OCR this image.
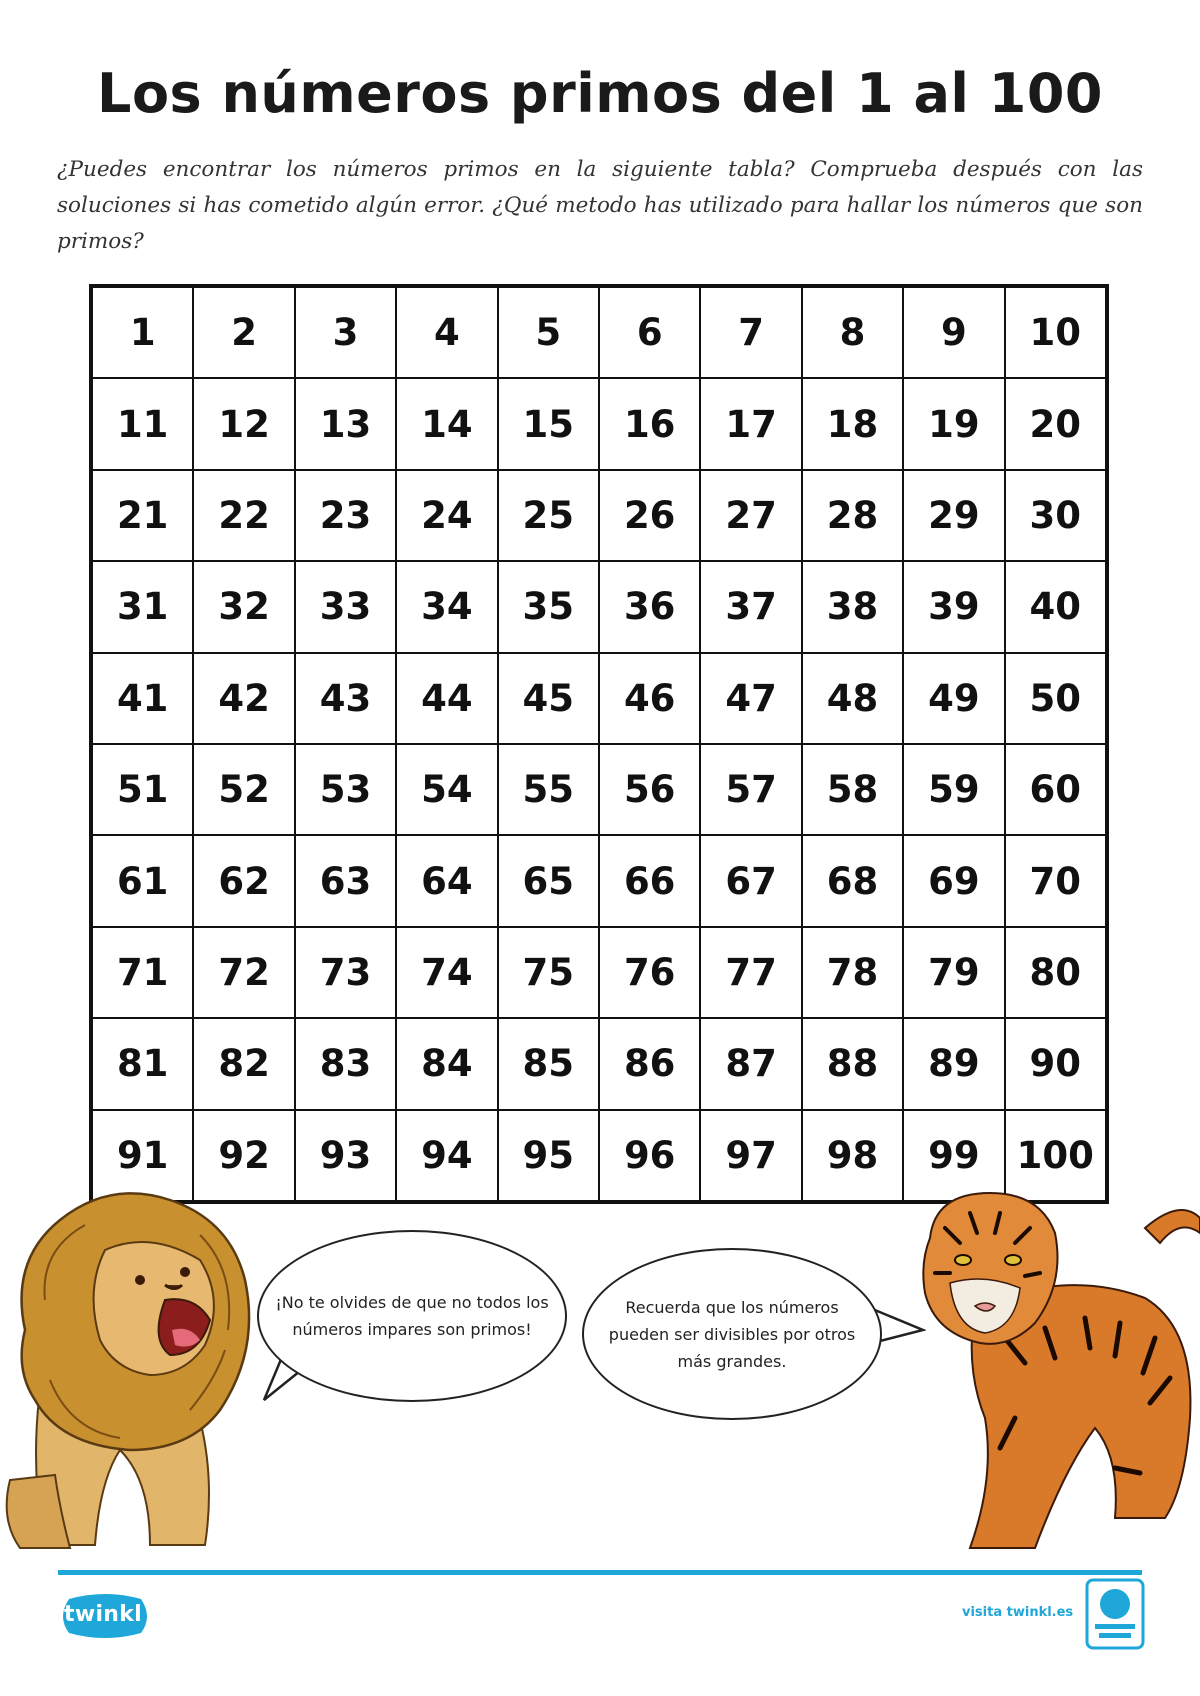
Los números primos del 1 al 100

¿Puedes encontrar los números primos en la siguiente tabla? Comprueba después con las soluciones si has cometido algún error. ¿Qué metodo has utilizado para hallar los números que son primos?

1	2	3	4	5	6	7	8	9	10
11	12	13	14	15	16	17	18	19	20
21	22	23	24	25	26	27	28	29	30
31	32	33	34	35	36	37	38	39	40
41	42	43	44	45	46	47	48	49	50
51	52	53	54	55	56	57	58	59	60
61	62	63	64	65	66	67	68	69	70
71	72	73	74	75	76	77	78	79	80
81	82	83	84	85	86	87	88	89	90
91	92	93	94	95	96	97	98	99	100
¡No te olvides de que no todos los
números impares son primos!
Recuerda que los números
pueden ser divisibles por otros
más grandes.
twinkl	visita twinkl.es
